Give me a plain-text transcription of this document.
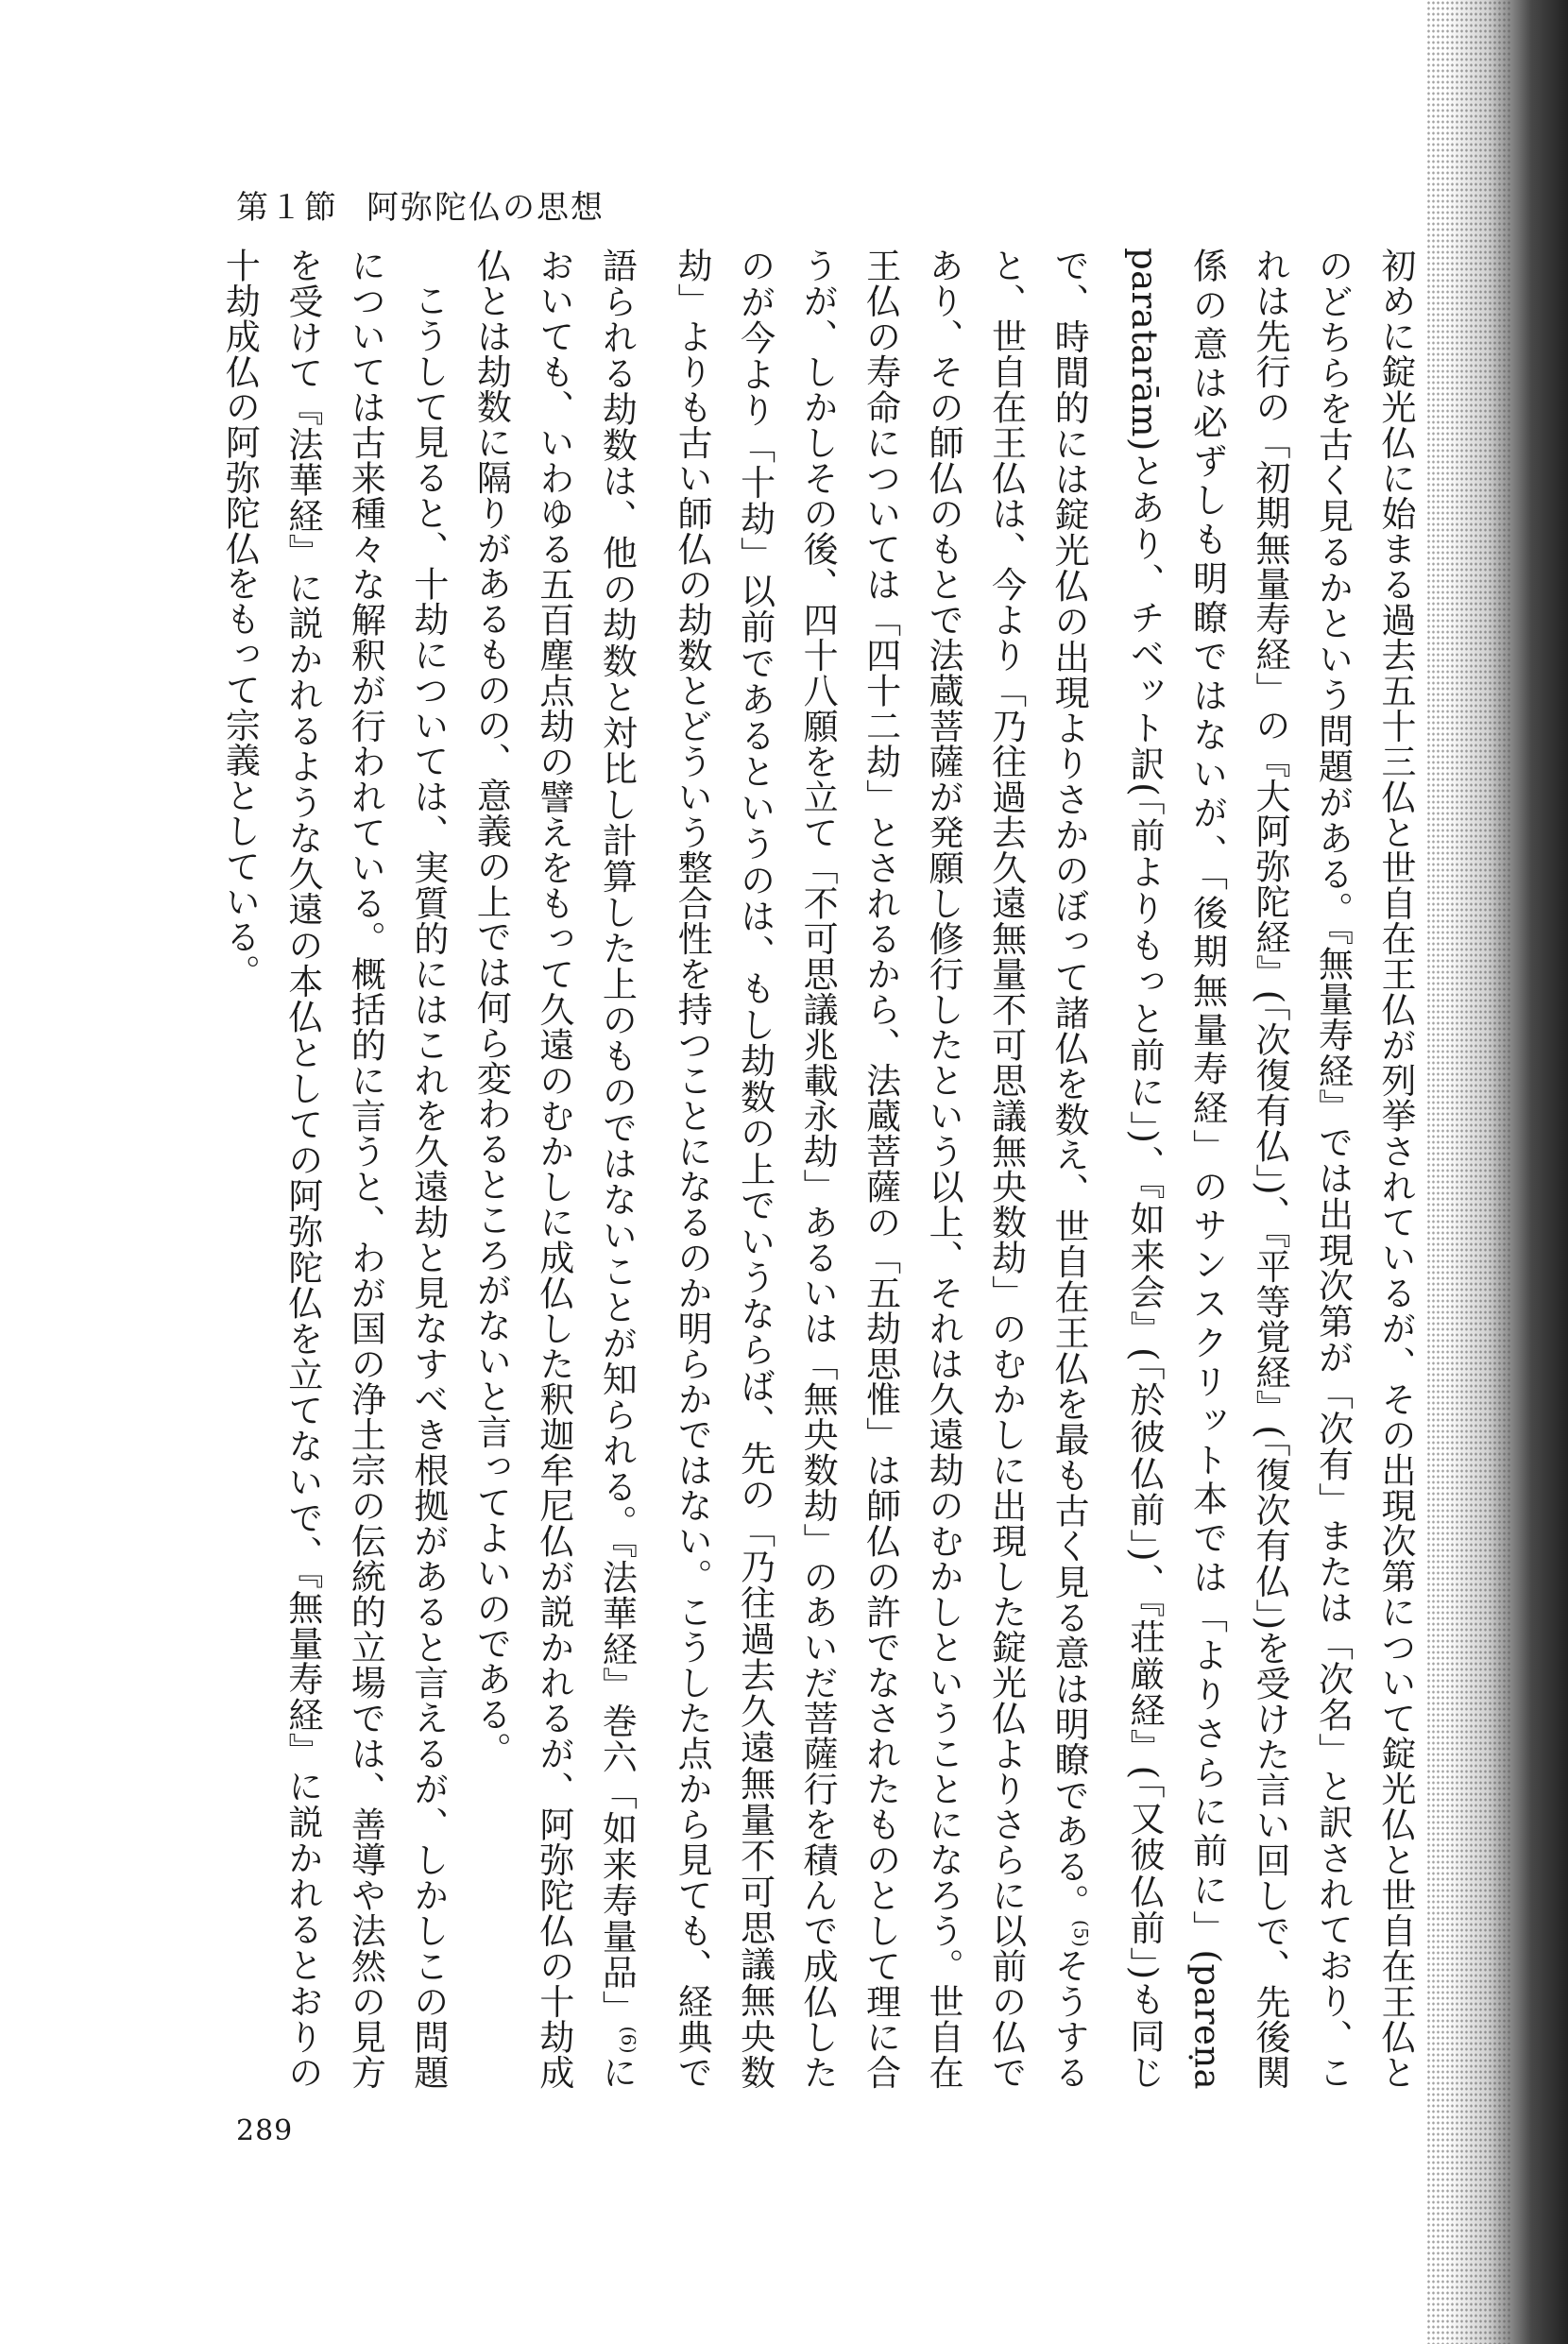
第１節 阿弥陀仏の思想

初めに錠光仏に始まる過去五十三仏と世自在王仏が列挙されているが、その出現次第について錠光仏と世自在王仏とのどちらを古く見るかという問題がある。『無量寿経』では出現次第が「次有」または「次名」と訳されており、これは先行の「初期無量寿経」の『大阿弥陀経』(「次復有仏」)、『平等覚経』(「復次有仏」)を受けた言い回しで、先後関係の意は必ずしも明瞭ではないが、「後期無量寿経」のサンスクリット本では「よりさらに前に」(pareṇa paratarām)とあり、チベット訳(「前よりもっと前に」)、『如来会』(「於彼仏前」)、『荘厳経』(「又彼仏前」)も同じで、時間的には錠光仏の出現よりさかのぼって諸仏を数え、世自在王仏を最も古く見る意は明瞭である。$^{(5)}$そうすると、世自在王仏は、今より「乃往過去久遠無量不可思議無央数劫」のむかしに出現した錠光仏よりさらに以前の仏であり、その師仏のもとで法蔵菩薩が発願し修行したという以上、それは久遠劫のむかしということになろう。世自在王仏の寿命については「四十二劫」とされるから、法蔵菩薩の「五劫思惟」は師仏の許でなされたものとして理に合うが、しかしその後、四十八願を立て「不可思議兆載永劫」あるいは「無央数劫」のあいだ菩薩行を積んで成仏したのが今より「十劫」以前であるというのは、もし劫数の上でいうならば、先の「乃往過去久遠無量不可思議無央数劫」よりも古い師仏の劫数とどういう整合性を持つことになるのか明らかではない。こうした点から見ても、経典で語られる劫数は、他の劫数と対比し計算した上のものではないことが知られる。『法華経』巻六「如来寿量品」$^{(6)}$においても、いわゆる五百塵点劫の譬えをもって久遠のむかしに成仏した釈迦牟尼仏が説かれるが、阿弥陀仏の十劫成仏とは劫数に隔りがあるものの、意義の上では何ら変わるところがないと言ってよいのである。

こうして見ると、十劫については、実質的にはこれを久遠劫と見なすべき根拠があると言えるが、しかしこの問題については古来種々な解釈が行われている。概括的に言うと、わが国の浄土宗の伝統的立場では、善導や法然の見方を受けて『法華経』に説かれるような久遠の本仏としての阿弥陀仏を立てないで、『無量寿経』に説かれるとおりの十劫成仏の阿弥陀仏をもって宗義としている。

289
